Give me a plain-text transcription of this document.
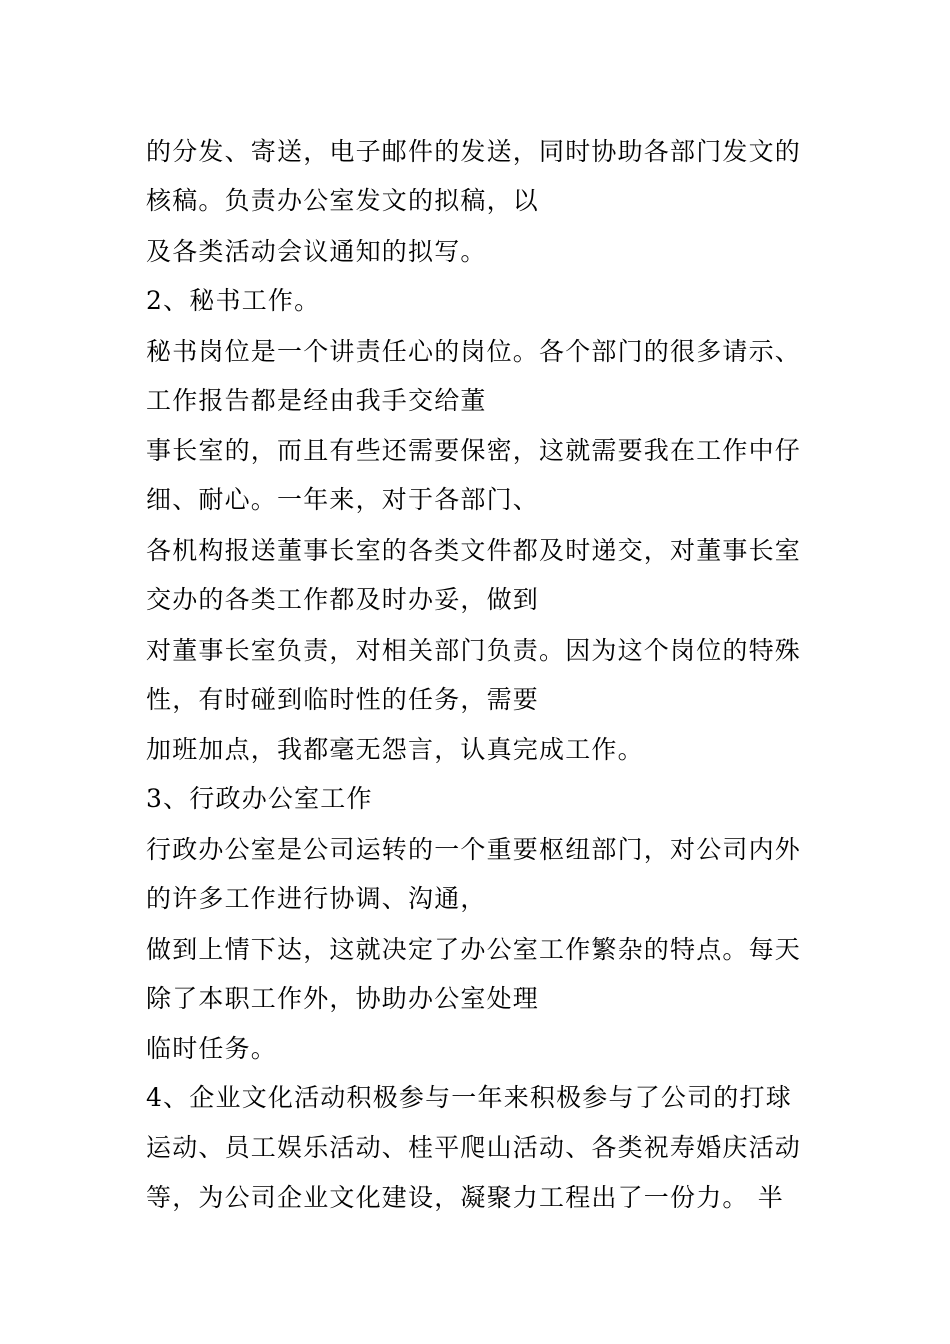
的分发、寄送，电子邮件的发送，同时协助各部门发文的
核稿。负责办公室发文的拟稿，以
及各类活动会议通知的拟写。
2、秘书工作。
秘书岗位是一个讲责任心的岗位。各个部门的很多请示、
工作报告都是经由我手交给董
事长室的，而且有些还需要保密，这就需要我在工作中仔
细、耐心。一年来，对于各部门、
各机构报送董事长室的各类文件都及时递交，对董事长室
交办的各类工作都及时办妥，做到
对董事长室负责，对相关部门负责。因为这个岗位的特殊
性，有时碰到临时性的任务，需要
加班加点，我都毫无怨言，认真完成工作。
3、行政办公室工作
行政办公室是公司运转的一个重要枢纽部门，对公司内外
的许多工作进行协调、沟通，
做到上情下达，这就决定了办公室工作繁杂的特点。每天
除了本职工作外，协助办公室处理
临时任务。
4、企业文化活动积极参与一年来积极参与了公司的打球
运动、员工娱乐活动、桂平爬山活动、各类祝寿婚庆活动
等，为公司企业文化建设，凝聚力工程出了一份力。 半
